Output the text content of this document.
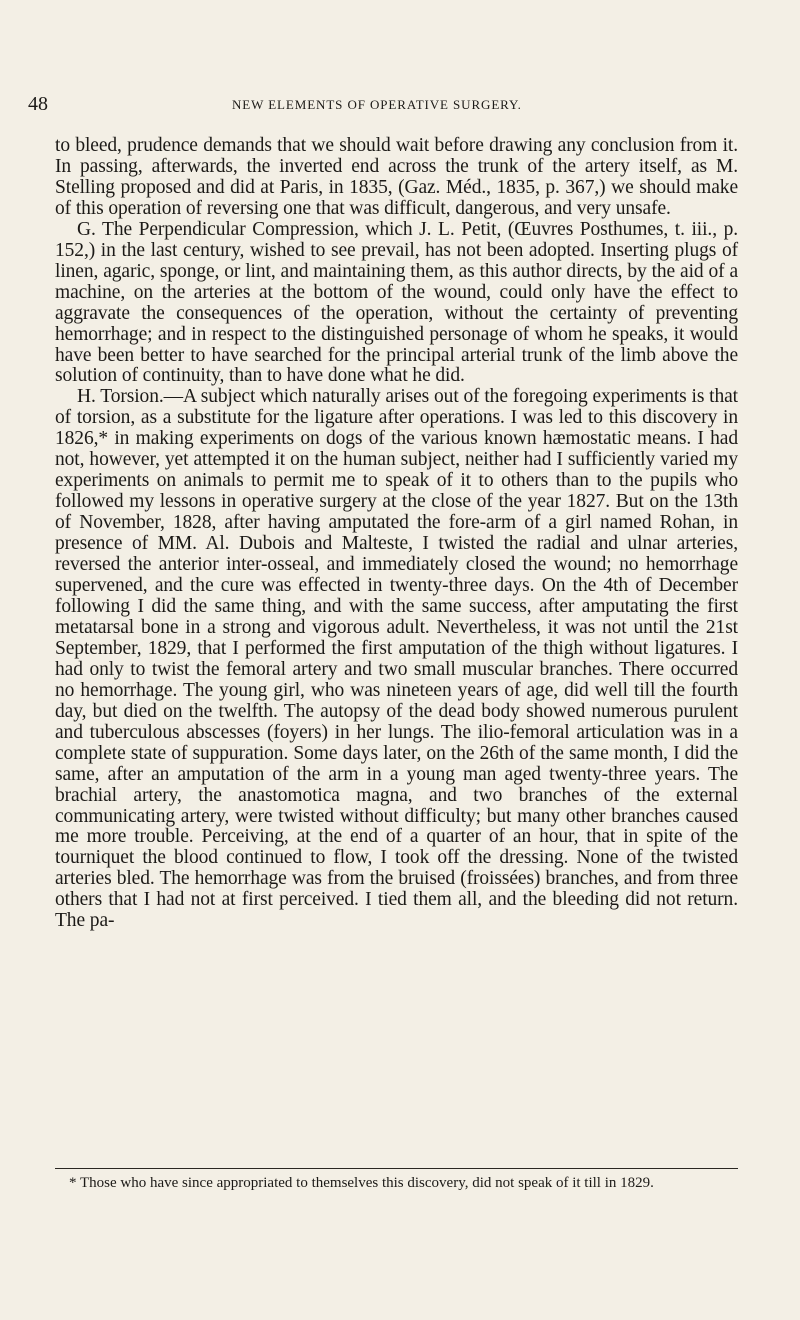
48	NEW ELEMENTS OF OPERATIVE SURGERY.

to bleed, prudence demands that we should wait before drawing any conclusion from it. In passing, afterwards, the inverted end across the trunk of the artery itself, as M. Stelling proposed and did at Paris, in 1835, (Gaz. Méd., 1835, p. 367,) we should make of this operation of reversing one that was difficult, dangerous, and very unsafe.

G. The Perpendicular Compression, which J. L. Petit, (Œuvres Posthumes, t. iii., p. 152,) in the last century, wished to see prevail, has not been adopted. Inserting plugs of linen, agaric, sponge, or lint, and maintaining them, as this author directs, by the aid of a machine, on the arteries at the bottom of the wound, could only have the effect to aggravate the consequences of the operation, without the certainty of preventing hemorrhage; and in respect to the distinguished personage of whom he speaks, it would have been better to have searched for the principal arterial trunk of the limb above the solution of continuity, than to have done what he did.

H. Torsion.—A subject which naturally arises out of the foregoing experiments is that of torsion, as a substitute for the ligature after operations. I was led to this discovery in 1826,* in making experiments on dogs of the various known hæmostatic means. I had not, however, yet attempted it on the human subject, neither had I sufficiently varied my experiments on animals to permit me to speak of it to others than to the pupils who followed my lessons in operative surgery at the close of the year 1827. But on the 13th of November, 1828, after having amputated the fore-arm of a girl named Rohan, in presence of MM. Al. Dubois and Malteste, I twisted the radial and ulnar arteries, reversed the anterior inter-osseal, and immediately closed the wound; no hemorrhage supervened, and the cure was effected in twenty-three days. On the 4th of December following I did the same thing, and with the same success, after amputating the first metatarsal bone in a strong and vigorous adult. Nevertheless, it was not until the 21st September, 1829, that I performed the first amputation of the thigh without ligatures. I had only to twist the femoral artery and two small muscular branches. There occurred no hemorrhage. The young girl, who was nineteen years of age, did well till the fourth day, but died on the twelfth. The autopsy of the dead body showed numerous purulent and tuberculous abscesses (foyers) in her lungs. The ilio-femoral articulation was in a complete state of suppuration. Some days later, on the 26th of the same month, I did the same, after an amputation of the arm in a young man aged twenty-three years. The brachial artery, the anastomotica magna, and two branches of the external communicating artery, were twisted without difficulty; but many other branches caused me more trouble. Perceiving, at the end of a quarter of an hour, that in spite of the tourniquet the blood continued to flow, I took off the dressing. None of the twisted arteries bled. The hemorrhage was from the bruised (froissées) branches, and from three others that I had not at first perceived. I tied them all, and the bleeding did not return. The pa-

* Those who have since appropriated to themselves this discovery, did not speak of it till in 1829.
